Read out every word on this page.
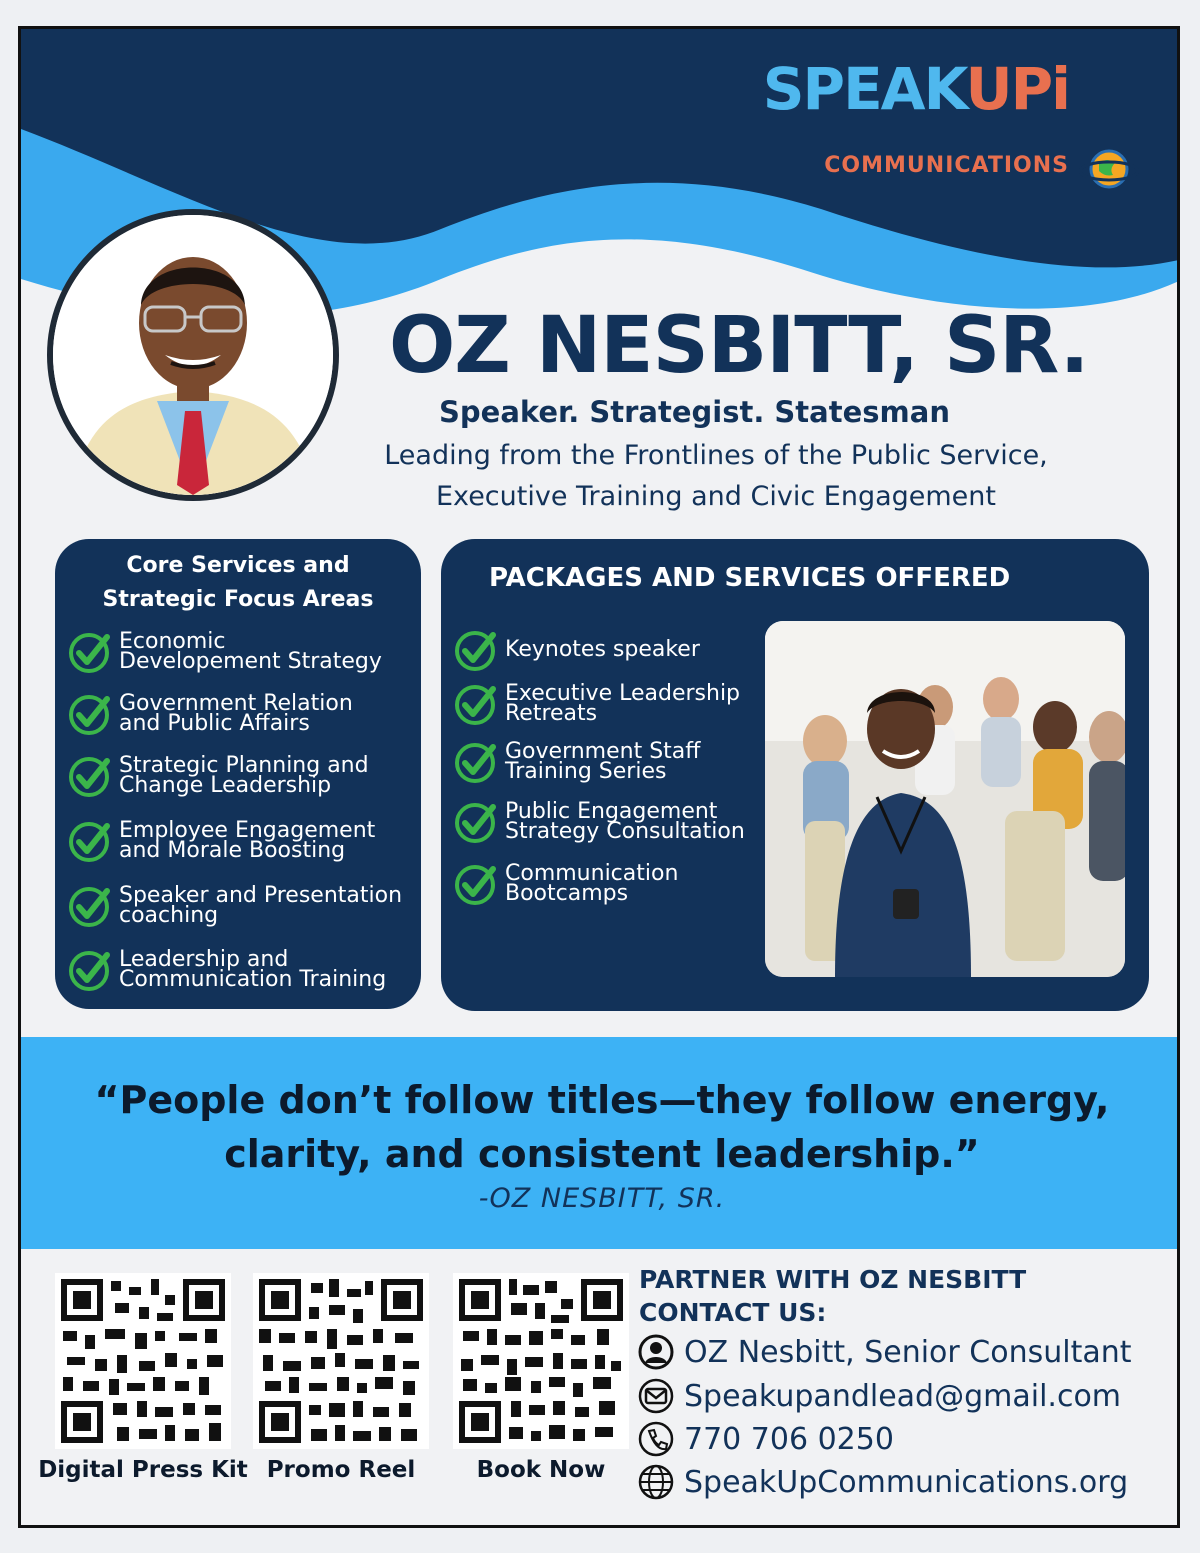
SPEAKUPi
COMMUNICATIONS
OZ NESBITT, SR.
Speaker. Strategist. Statesman
Leading from the Frontlines of the Public Service,
Executive Training and Civic Engagement
Core Services and
Strategic Focus Areas
Economic
Developement Strategy
Government Relation
and Public Affairs
Strategic Planning and
Change Leadership
Employee Engagement
and Morale Boosting
Speaker and Presentation
coaching
Leadership and
Communication Training
PACKAGES AND SERVICES OFFERED
Keynotes speaker
Executive Leadership
Retreats
Government Staff
Training Series
Public Engagement
Strategy Consultation
Communication
Bootcamps
“People don’t follow titles—they follow energy,
clarity, and consistent leadership.”
-OZ NESBITT, SR.
Digital Press Kit Promo Reel	Book Now
PARTNER WITH OZ NESBITT
CONTACT US:
OZ Nesbitt, Senior Consultant
Speakupandlead@gmail.com
770 706 0250
SpeakUpCommunications.org
